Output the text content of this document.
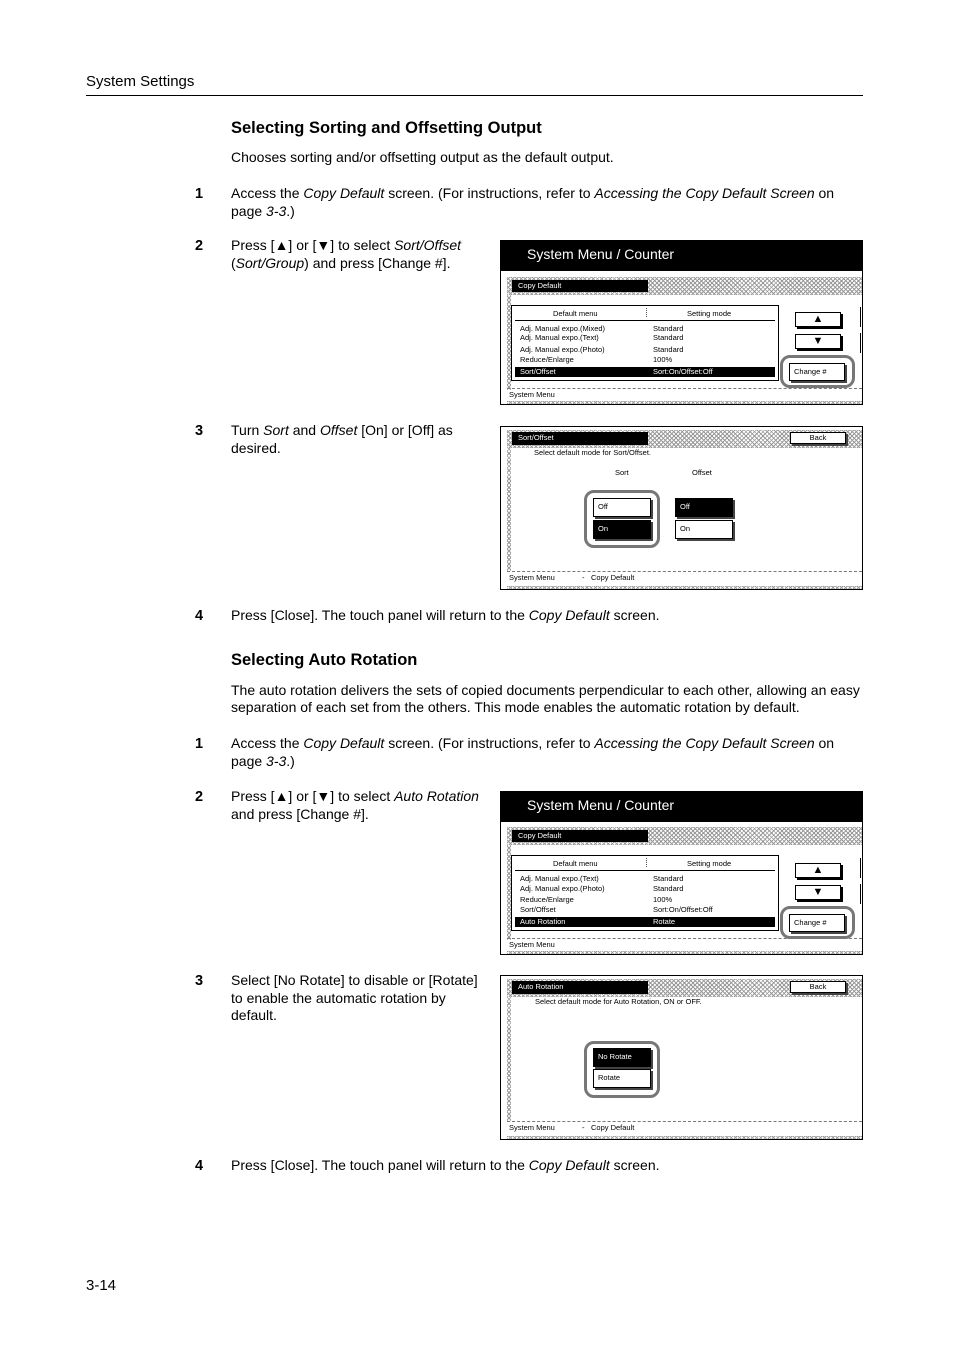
System Settings
Selecting Sorting and Offsetting Output
Chooses sorting and/or offsetting output as the default output.
1 Access the Copy Default screen. (For instructions, refer to Accessing the Copy Default Screen on page 3-3.)
2 Press [▲] or [▼] to select Sort/Offset (Sort/Group) and press [Change #].
System Menu / Counter
Copy Default
Default menu	Setting mode
Adj. Manual expo.(Mixed)	Standard
Adj. Manual expo.(Text)	Standard
Adj. Manual expo.(Photo)	Standard
Reduce/Enlarge	100%
Sort/Offset	Sort:On/Offset:Off
▲
▼
Change #
System Menu
3 Turn Sort and Offset [On] or [Off] as desired.
Sort/Offset	Back
Select default mode for Sort/Offset.
Sort	Offset
Off
On
Off
On
System Menu	- Copy Default
4 Press [Close]. The touch panel will return to the Copy Default screen.
Selecting Auto Rotation
The auto rotation delivers the sets of copied documents perpendicular to each other, allowing an easy separation of each set from the others. This mode enables the automatic rotation by default.
1 Access the Copy Default screen. (For instructions, refer to Accessing the Copy Default Screen on page 3-3.)
2 Press [▲] or [▼] to select Auto Rotation and press [Change #].
System Menu / Counter
Copy Default
Default menu	Setting mode
Adj. Manual expo.(Text)	Standard
Adj. Manual expo.(Photo)	Standard
Reduce/Enlarge	100%
Sort/Offset	Sort:On/Offset:Off
Auto Rotation	Rotate
▲
▼
Change #
System Menu
3 Select [No Rotate] to disable or [Rotate] to enable the automatic rotation by default.
Auto Rotation	Back
Select default mode for Auto Rotation, ON or OFF.
No Rotate
Rotate
System Menu	- Copy Default
4 Press [Close]. The touch panel will return to the Copy Default screen.
3-14
